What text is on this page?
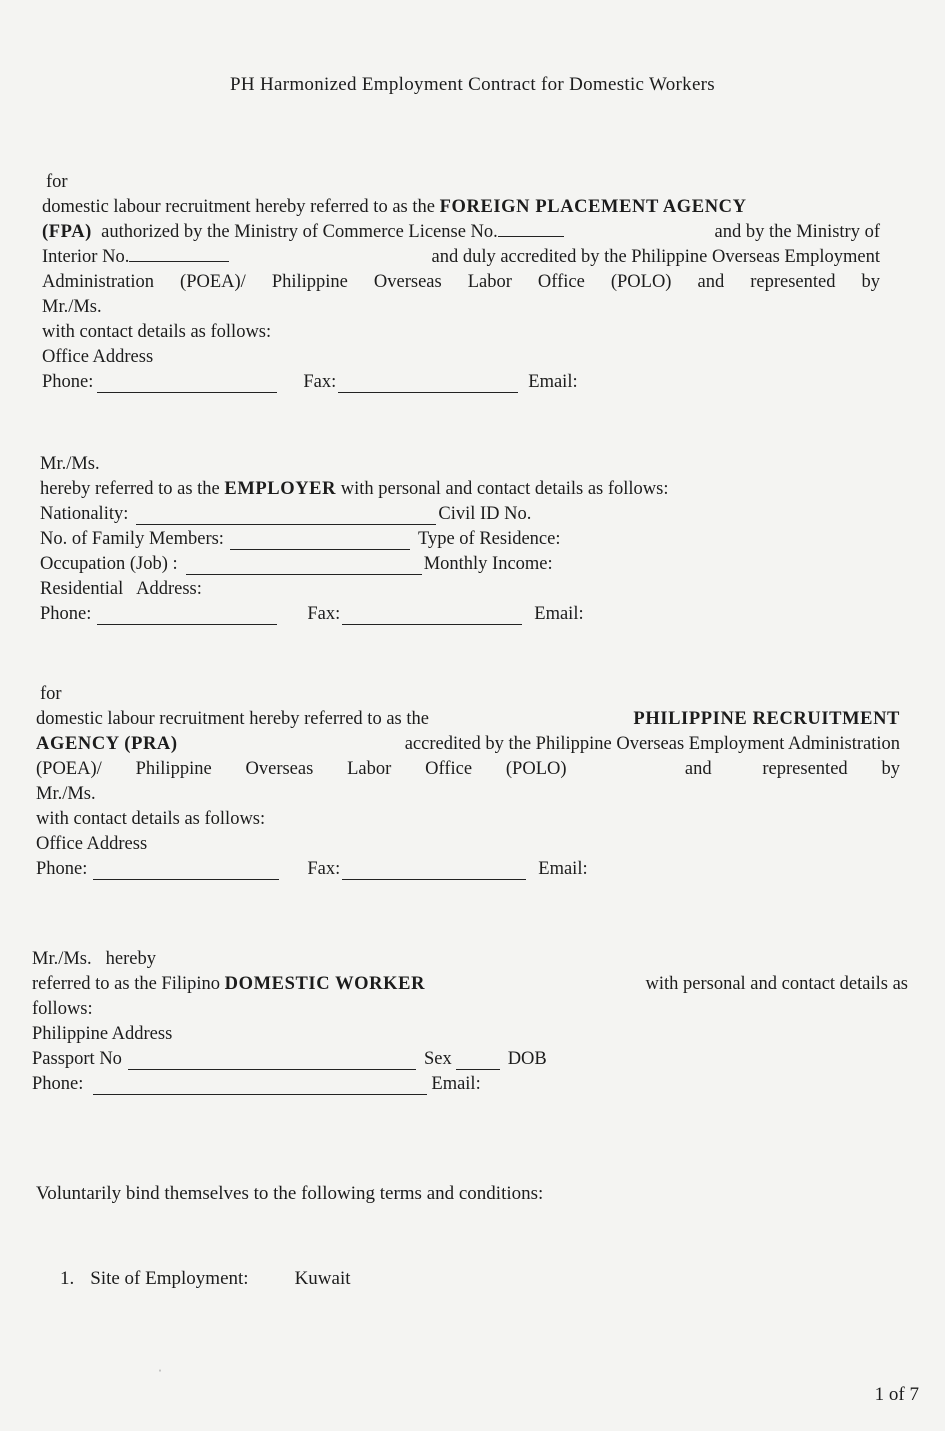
PH Harmonized Employment Contract for Domestic Workers
for
domestic labour recruitment hereby referred to as the
FOREIGN PLACEMENT AGENCY
(FPA) authorized by the Ministry of Commerce License No.	and by the Ministry of
Interior No.	and duly accredited by the Philippine Overseas Employment
Administration (POEA)/ Philippine Overseas Labor Office (POLO) and represented by
Mr./Ms.
with contact details as follows:
Office Address
Phone:	Fax:	Email:
Mr./Ms.
hereby referred to as the
EMPLOYER
with personal and contact details as follows:
Nationality:	Civil ID No.
No. of Family Members:	Type of Residence:
Occupation (Job) :	Monthly Income:
Residential   Address:
Phone:	Fax:	Email:
for
domestic labour recruitment hereby referred to as the	PHILIPPINE RECRUITMENT
AGENCY (PRA)	accredited by the Philippine Overseas Employment Administration
(POEA)/  Philippine  Overseas  Labor  Office  (POLO)       and   represented  by
Mr./Ms.
with contact details as follows:
Office Address
Phone:	Fax:	Email:
Mr./Ms. hereby
referred to as the Filipino DOMESTIC WORKER	with personal and contact details as
follows:
Philippine Address
Passport No	Sex	DOB
Phone:	Email:
Voluntarily bind themselves to the following terms and conditions:
1. Site of Employment: Kuwait
ˌ
1 of 7
